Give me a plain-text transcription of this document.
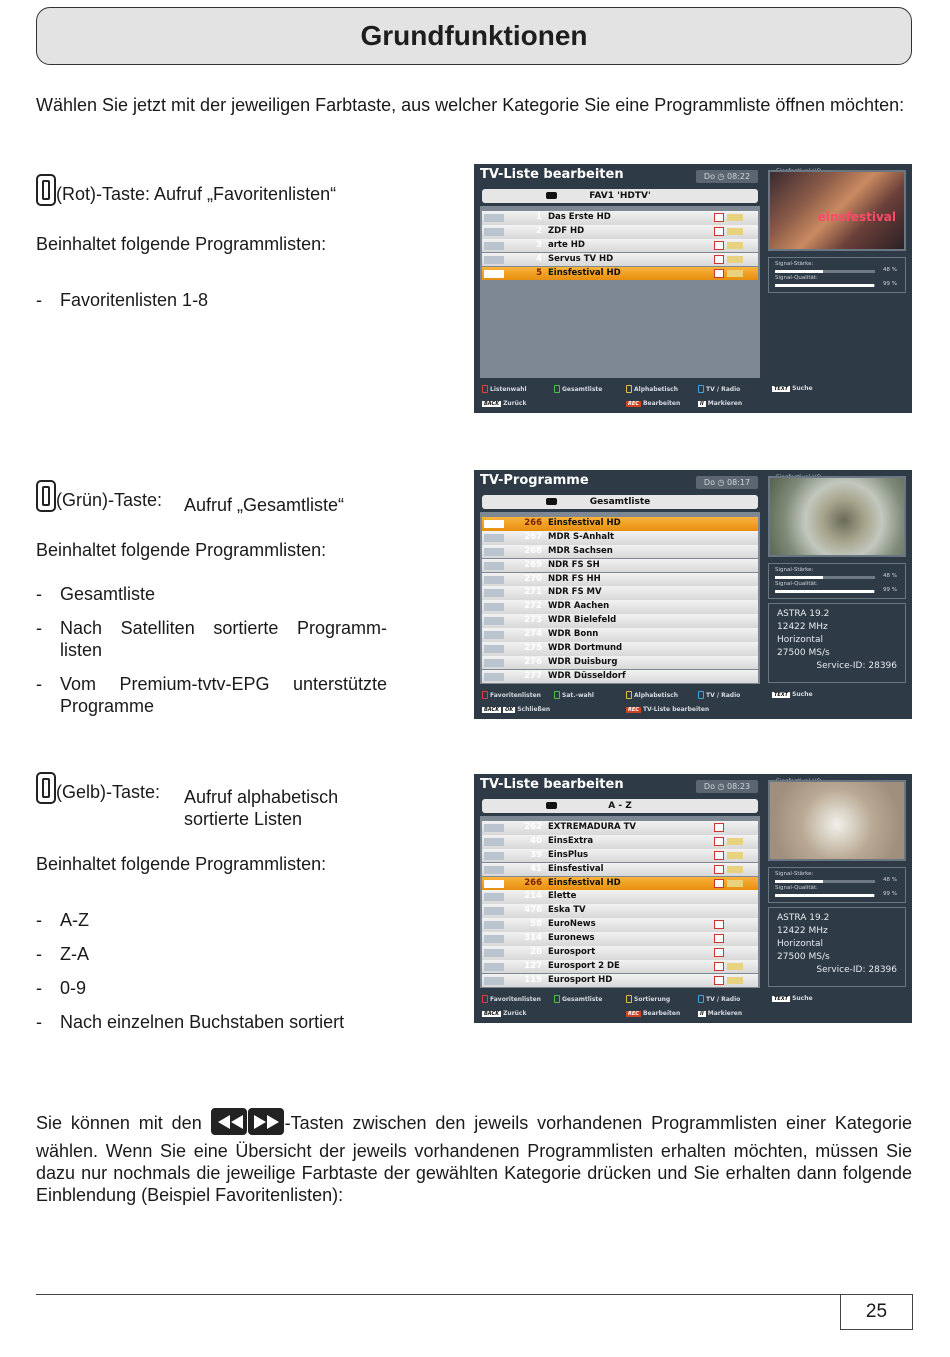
Grundfunktionen
Wählen Sie jetzt mit der jeweiligen Farbtaste, aus welcher Kategorie Sie eine Programmliste öffnen möchten:
(Rot)-Taste: Aufruf „Favoritenlisten“
Beinhaltet folgende Programmlisten:
- Favoritenlisten 1-8
(Grün)-Taste: Aufruf „Gesamtliste“
Beinhaltet folgende Programmlisten:
- Gesamtliste
- Nach Satelliten sortierte Programm-
listen
- Vom Premium-tvtv-EPG unterstützte
Programme
(Gelb)-Taste: Aufruf alphabetisch
sortierte Listen
Beinhaltet folgende Programmlisten:
- A-Z
- Z-A
- 0-9
- Nach einzelnen Buchstaben sortiert
TV-Liste bearbeiten	Do ◷ 08:22
FAV1 'HDTV'
1 Das Erste HD
2 ZDF HD
3 arte HD
4 Servus TV HD
5 Einsfestival HD
einsfestival
Signal-Stärke:
48 %
Signal-Qualität:
99 %
Listenwahl	Gesamtliste	Alphabetisch	TV / Radio	TEXT Suche
BACK Zurück	REC Bearbeiten	II Markieren
TV-Programme	Do ◷ 08:17
Gesamtliste
266 Einsfestival HD
267 MDR S-Anhalt
268 MDR Sachsen
269 NDR FS SH
270 NDR FS HH
271 NDR FS MV
272 WDR Aachen
273 WDR Bielefeld
274 WDR Bonn
275 WDR Dortmund
276 WDR Duisburg
277 WDR Düsseldorf
Signal-Stärke:
48 %
Signal-Qualität:
99 %
ASTRA 19.2
12422 MHz
Horizontal
27500 MS/s
Service-ID: 28396
Favoritenlisten	Sat.-wahl	Alphabetisch	TV / Radio	TEXT Suche
BACK OK Schließen	REC TV-Liste bearbeiten
TV-Liste bearbeiten	Do ◷ 08:23
A - Z
262 EXTREMADURA TV
40 EinsExtra
39 EinsPlus
41 Einsfestival
266 Einsfestival HD
214 Elette
476 Eska TV
58 EuroNews
314 Euronews
28 Eurosport
127 Eurosport 2 DE
119 Eurosport HD
Signal-Stärke:
48 %
Signal-Qualität:
99 %
ASTRA 19.2
12422 MHz
Horizontal
27500 MS/s
Service-ID: 28396
Favoritenlisten	Gesamtliste	Sortierung	TV / Radio	TEXT Suche
BACK Zurück	REC Bearbeiten	II Markieren
Sie können mit den	-Tasten zwischen den jeweils vorhandenen Programmlisten einer Kategorie wählen. Wenn Sie eine Übersicht der jeweils vorhandenen Programmlisten erhalten möchten, müssen Sie dazu nur nochmals die jeweilige Farbtaste der gewählten Kategorie drücken und Sie erhalten dann folgende Einblendung (Beispiel Favoritenlisten):
25
